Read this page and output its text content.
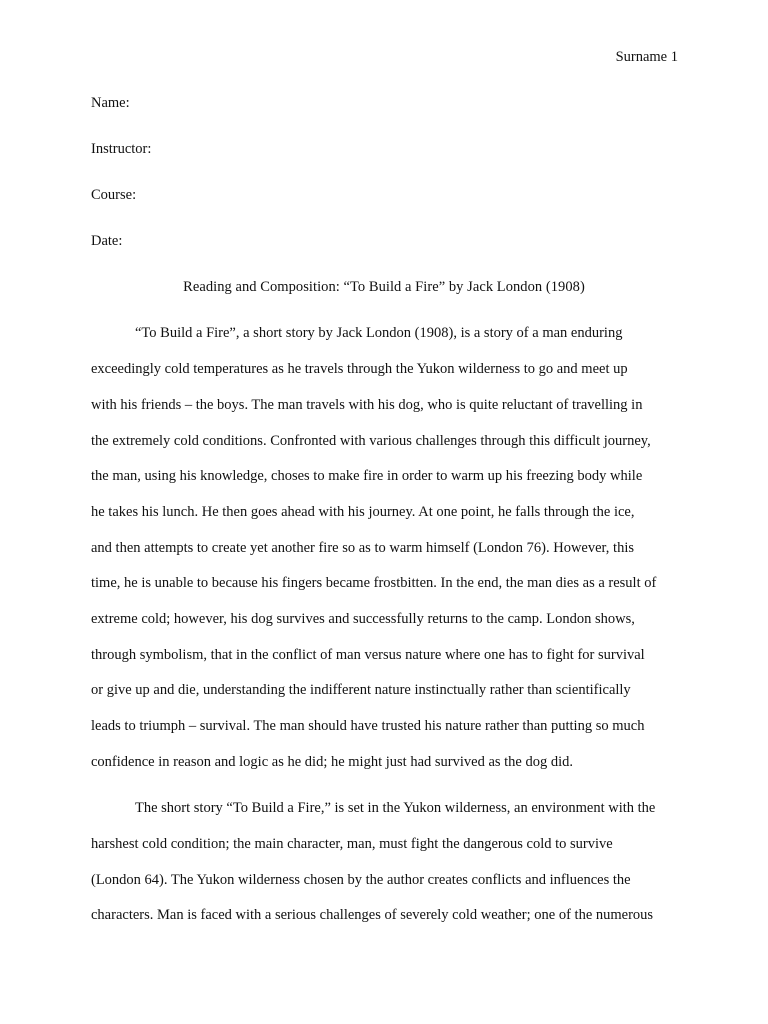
Surname 1
Name:
Instructor:
Course:
Date:
Reading and Composition: “To Build a Fire” by Jack London (1908)
“To Build a Fire”, a short story by Jack London (1908), is a story of a man enduring
exceedingly cold temperatures as he travels through the Yukon wilderness to go and meet up
with his friends – the boys. The man travels with his dog, who is quite reluctant of travelling in
the extremely cold conditions. Confronted with various challenges through this difficult journey,
the man, using his knowledge, choses to make fire in order to warm up his freezing body while
he takes his lunch. He then goes ahead with his journey. At one point, he falls through the ice,
and then attempts to create yet another fire so as to warm himself (London 76). However, this
time, he is unable to because his fingers became frostbitten. In the end, the man dies as a result of
extreme cold; however, his dog survives and successfully returns to the camp. London shows,
through symbolism, that in the conflict of man versus nature where one has to fight for survival
or give up and die, understanding the indifferent nature instinctually rather than scientifically
leads to triumph – survival. The man should have trusted his nature rather than putting so much
confidence in reason and logic as he did; he might just had survived as the dog did.
The short story “To Build a Fire,” is set in the Yukon wilderness, an environment with the
harshest cold condition; the main character, man, must fight the dangerous cold to survive
(London 64). The Yukon wilderness chosen by the author creates conflicts and influences the
characters. Man is faced with a serious challenges of severely cold weather; one of the numerous
